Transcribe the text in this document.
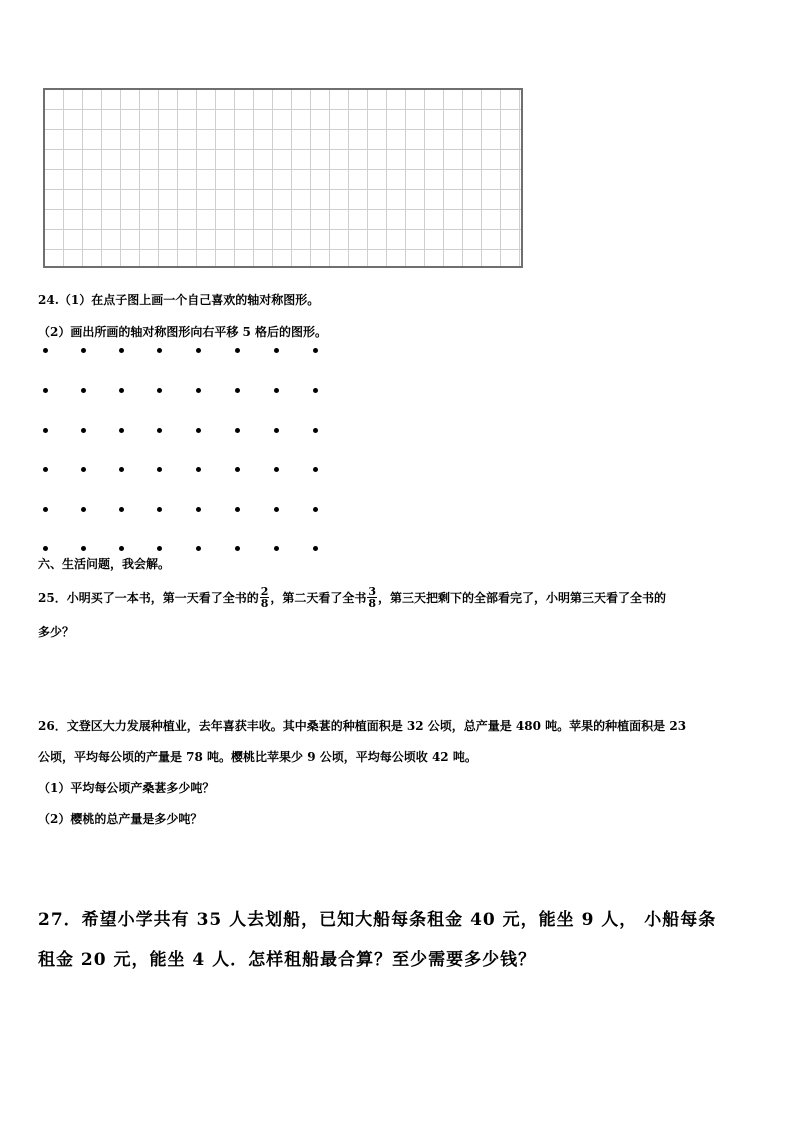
24.（1）在点子图上画一个自己喜欢的轴对称图形。
（2）画出所画的轴对称图形向右平移 5 格后的图形。
六、生活问题，我会解。
25．小明买了一本书，第一天看了全书的 $\frac{2}{8}$ ，第二天看了全书 $\frac{3}{8}$ ，第三天把剩下的全部看完了，小明第三天看了全书的
多少？
26．文登区大力发展种植业，去年喜获丰收。其中桑葚的种植面积是 32 公顷，总产量是 480 吨。苹果的种植面积是 23
公顷，平均每公顷的产量是 78 吨。樱桃比苹果少 9 公顷，平均每公顷收 42 吨。
（1）平均每公顷产桑葚多少吨？
（2）樱桃的总产量是多少吨？
27．希望小学共有 35 人去划船，已知大船每条租金 40 元，能坐 9 人， 小船每条
租金 20 元，能坐 4 人．怎样租船最合算？至少需要多少钱？
